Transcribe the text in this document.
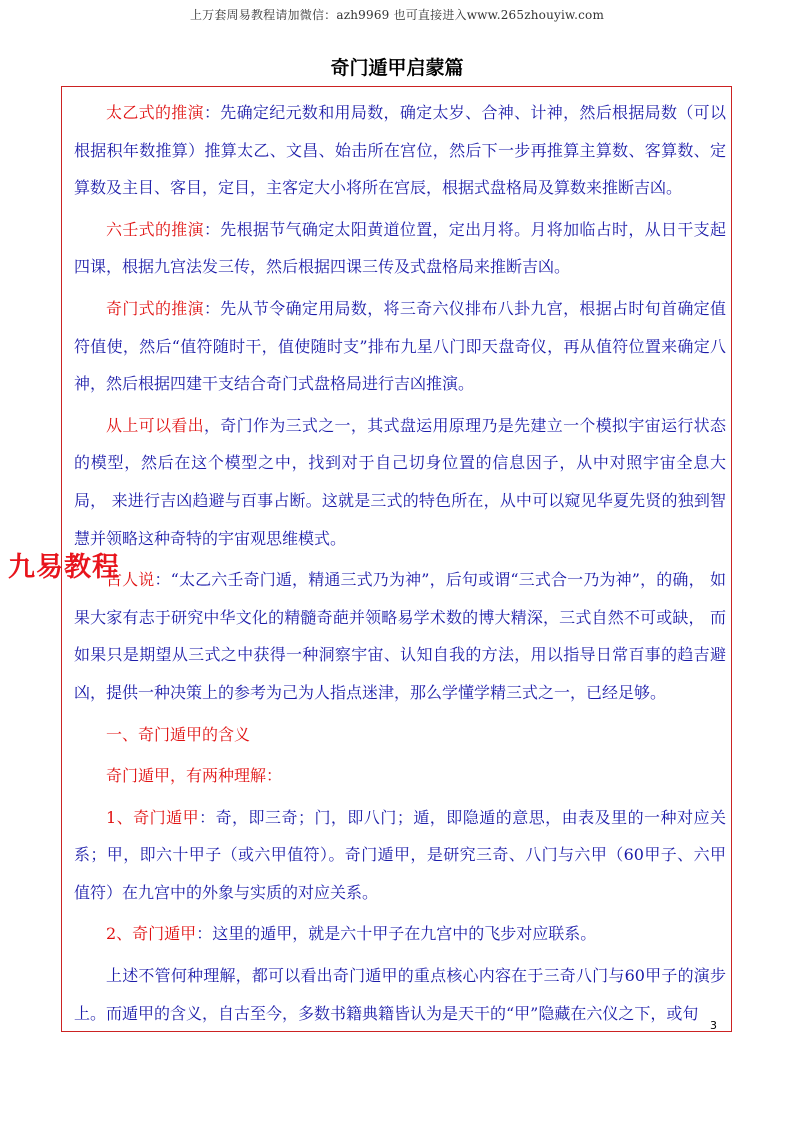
上万套周易教程请加微信：azh9969 也可直接进入www.265zhouyiw.com
奇门遁甲启蒙篇

太乙式的推演：先确定纪元数和用局数，确定太岁、合神、计神，然后根据局数（可以根据积年数推算）推算太乙、文昌、始击所在宫位，然后下一步再推算主算数、客算数、定算数及主目、客目，定目，主客定大小将所在宫辰，根据式盘格局及算数来推断吉凶。

六壬式的推演：先根据节气确定太阳黄道位置，定出月将。月将加临占时，从日干支起四课，根据九宫法发三传，然后根据四课三传及式盘格局来推断吉凶。

奇门式的推演：先从节令确定用局数，将三奇六仪排布八卦九宫，根据占时旬首确定值符值使，然后“值符随时干，值使随时支”排布九星八门即天盘奇仪，再从值符位置来确定八神，然后根据四建干支结合奇门式盘格局进行吉凶推演。

从上可以看出，奇门作为三式之一，其式盘运用原理乃是先建立一个模拟宇宙运行状态的模型，然后在这个模型之中，找到对于自己切身位置的信息因子，从中对照宇宙全息大局， 来进行吉凶趋避与百事占断。这就是三式的特色所在，从中可以窥见华夏先贤的独到智慧并领略这种奇特的宇宙观思维模式。

古人说：“太乙六壬奇门遁，精通三式乃为神”，后句或谓“三式合一乃为神”，的确， 如果大家有志于研究中华文化的精髓奇葩并领略易学术数的博大精深，三式自然不可或缺， 而如果只是期望从三式之中获得一种洞察宇宙、认知自我的方法，用以指导日常百事的趋吉避凶，提供一种决策上的参考为己为人指点迷津，那么学懂学精三式之一，已经足够。

一、奇门遁甲的含义

奇门遁甲，有两种理解：

1、奇门遁甲：奇，即三奇；门，即八门；遁，即隐遁的意思，由表及里的一种对应关系；甲，即六十甲子（或六甲值符）。奇门遁甲，是研究三奇、八门与六甲（60甲子、六甲值符）在九宫中的外象与实质的对应关系。

2、奇门遁甲：这里的遁甲，就是六十甲子在九宫中的飞步对应联系。

上述不管何种理解，都可以看出奇门遁甲的重点核心内容在于三奇八门与60甲子的演步上。而遁甲的含义，自古至今，多数书籍典籍皆认为是天干的“甲”隐藏在六仪之下，或旬

九易教程
3
